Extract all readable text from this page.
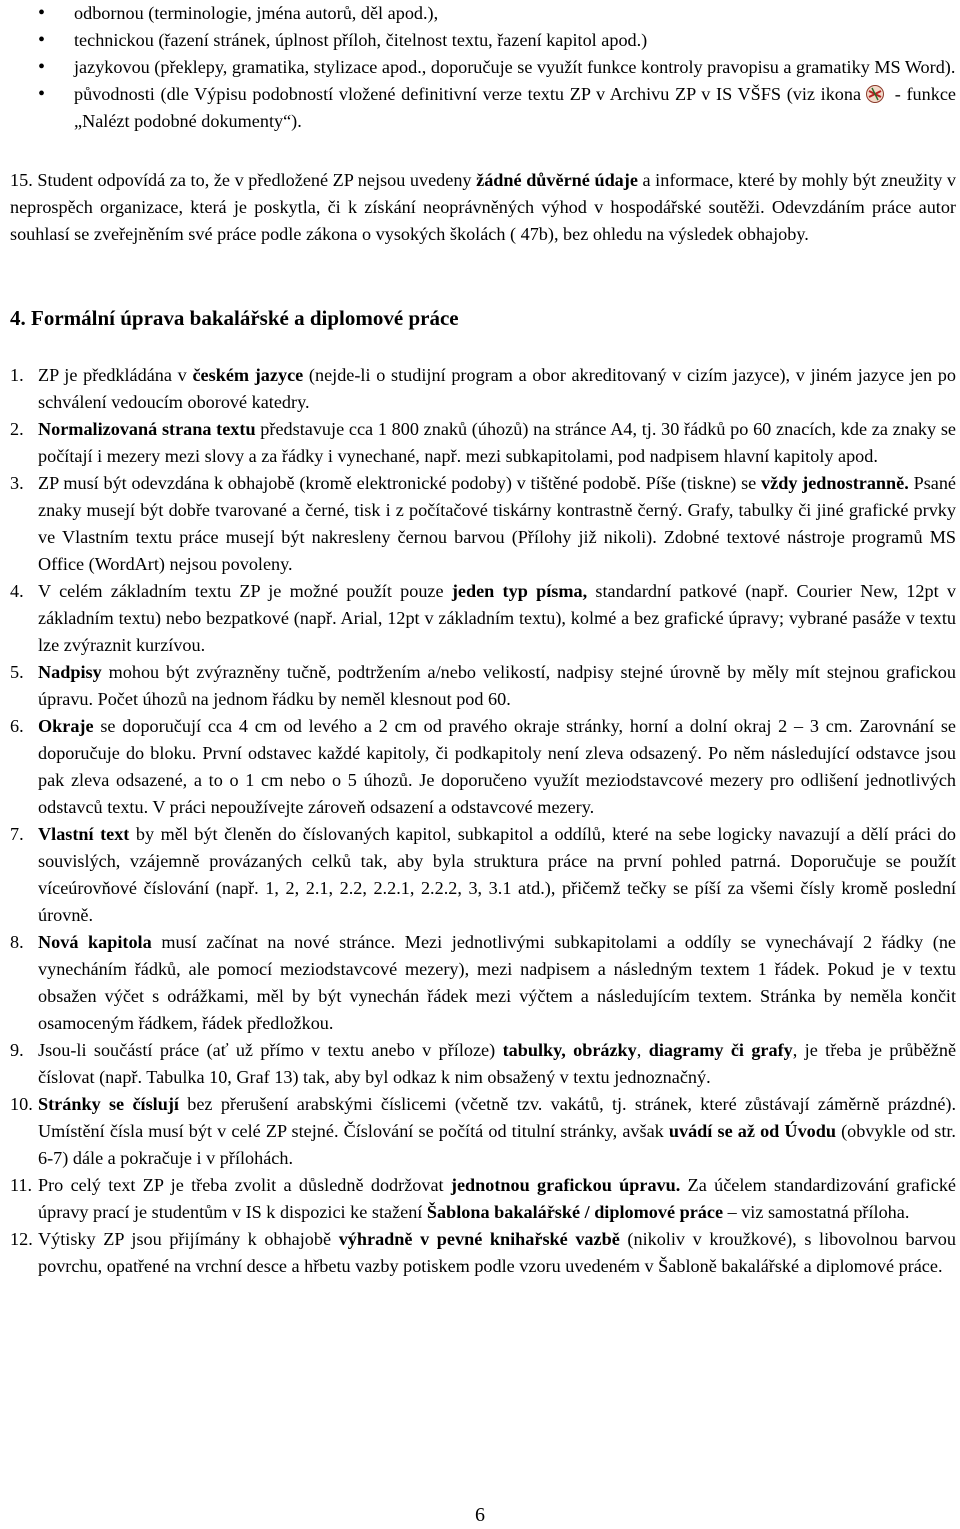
• odbornou (terminologie, jména autorů, děl apod.),
• technickou (řazení stránek, úplnost příloh, čitelnost textu, řazení kapitol apod.)
• jazykovou (překlepy, gramatika, stylizace apod., doporučuje se využít funkce kontroly pravopisu a gramatiky MS Word).
• původnosti (dle Výpisu podobností vložené definitivní verze textu ZP v Archivu ZP v IS VŠFS (viz ikona - funkce „Nalézt podobné dokumenty“).

15. Student odpovídá za to, že v předložené ZP nejsou uvedeny žádné důvěrné údaje a informace, které by mohly být zneužity v neprospěch organizace, která je poskytla, či k získání neoprávněných výhod v hospodářské soutěži. Odevzdáním práce autor souhlasí se zveřejněním své práce podle zákona o vysokých školách ( 47b), bez ohledu na výsledek obhajoby.

4. Formální úprava bakalářské a diplomové práce
1. ZP je předkládána v českém jazyce (nejde-li o studijní program a obor akreditovaný v cizím jazyce), v jiném jazyce jen po schválení vedoucím oborové katedry.
2. Normalizovaná strana textu představuje cca 1 800 znaků (úhozů) na stránce A4, tj. 30 řádků po 60 znacích, kde za znaky se počítají i mezery mezi slovy a za řádky i vynechané, např. mezi subkapitolami, pod nadpisem hlavní kapitoly apod.
3. ZP musí být odevzdána k obhajobě (kromě elektronické podoby) v tištěné podobě. Píše (tiskne) se vždy jednostranně. Psané znaky musejí být dobře tvarované a černé, tisk i z počítačové tiskárny kontrastně černý. Grafy, tabulky či jiné grafické prvky ve Vlastním textu práce musejí být nakresleny černou barvou (Přílohy již nikoli). Zdobné textové nástroje programů MS Office (WordArt) nejsou povoleny.
4. V celém základním textu ZP je možné použít pouze jeden typ písma, standardní patkové (např. Courier New, 12pt v základním textu) nebo bezpatkové (např. Arial, 12pt v základním textu), kolmé a bez grafické úpravy; vybrané pasáže v textu lze zvýraznit kurzívou.
5. Nadpisy mohou být zvýrazněny tučně, podtržením a/nebo velikostí, nadpisy stejné úrovně by měly mít stejnou grafickou úpravu. Počet úhozů na jednom řádku by neměl klesnout pod 60.
6. Okraje se doporučují cca 4 cm od levého a 2 cm od pravého okraje stránky, horní a dolní okraj 2 – 3 cm. Zarovnání se doporučuje do bloku. První odstavec každé kapitoly, či podkapitoly není zleva odsazený. Po něm následující odstavce jsou pak zleva odsazené, a to o 1 cm nebo o 5 úhozů. Je doporučeno využít meziodstavcové mezery pro odlišení jednotlivých odstavců textu. V práci nepoužívejte zároveň odsazení a odstavcové mezery.
7. Vlastní text by měl být členěn do číslovaných kapitol, subkapitol a oddílů, které na sebe logicky navazují a dělí práci do souvislých, vzájemně provázaných celků tak, aby byla struktura práce na první pohled patrná. Doporučuje se použít víceúrovňové číslování (např. 1, 2, 2.1, 2.2, 2.2.1, 2.2.2, 3, 3.1 atd.), přičemž tečky se píší za všemi čísly kromě poslední úrovně.
8. Nová kapitola musí začínat na nové stránce. Mezi jednotlivými subkapitolami a oddíly se vynechávají 2 řádky (ne vynecháním řádků, ale pomocí meziodstavcové mezery), mezi nadpisem a následným textem 1 řádek. Pokud je v textu obsažen výčet s odrážkami, měl by být vynechán řádek mezi výčtem a následujícím textem. Stránka by neměla končit osamoceným řádkem, řádek předložkou.
9. Jsou-li součástí práce (ať už přímo v textu anebo v příloze) tabulky, obrázky, diagramy či grafy, je třeba je průběžně číslovat (např. Tabulka 10, Graf 13) tak, aby byl odkaz k nim obsažený v textu jednoznačný.
10. Stránky se číslují bez přerušení arabskými číslicemi (včetně tzv. vakátů, tj. stránek, které zůstávají záměrně prázdné). Umístění čísla musí být v celé ZP stejné. Číslování se počítá od titulní stránky, avšak uvádí se až od Úvodu (obvykle od str. 6-7) dále a pokračuje i v přílohách.
11. Pro celý text ZP je třeba zvolit a důsledně dodržovat jednotnou grafickou úpravu. Za účelem standardizování grafické úpravy prací je studentům v IS k dispozici ke stažení Šablona bakalářské / diplomové práce – viz samostatná příloha.
12. Výtisky ZP jsou přijímány k obhajobě výhradně v pevné knihařské vazbě (nikoliv v kroužkové), s libovolnou barvou povrchu, opatřené na vrchní desce a hřbetu vazby potiskem podle vzoru uvedeném v Šabloně bakalářské a diplomové práce.
6
